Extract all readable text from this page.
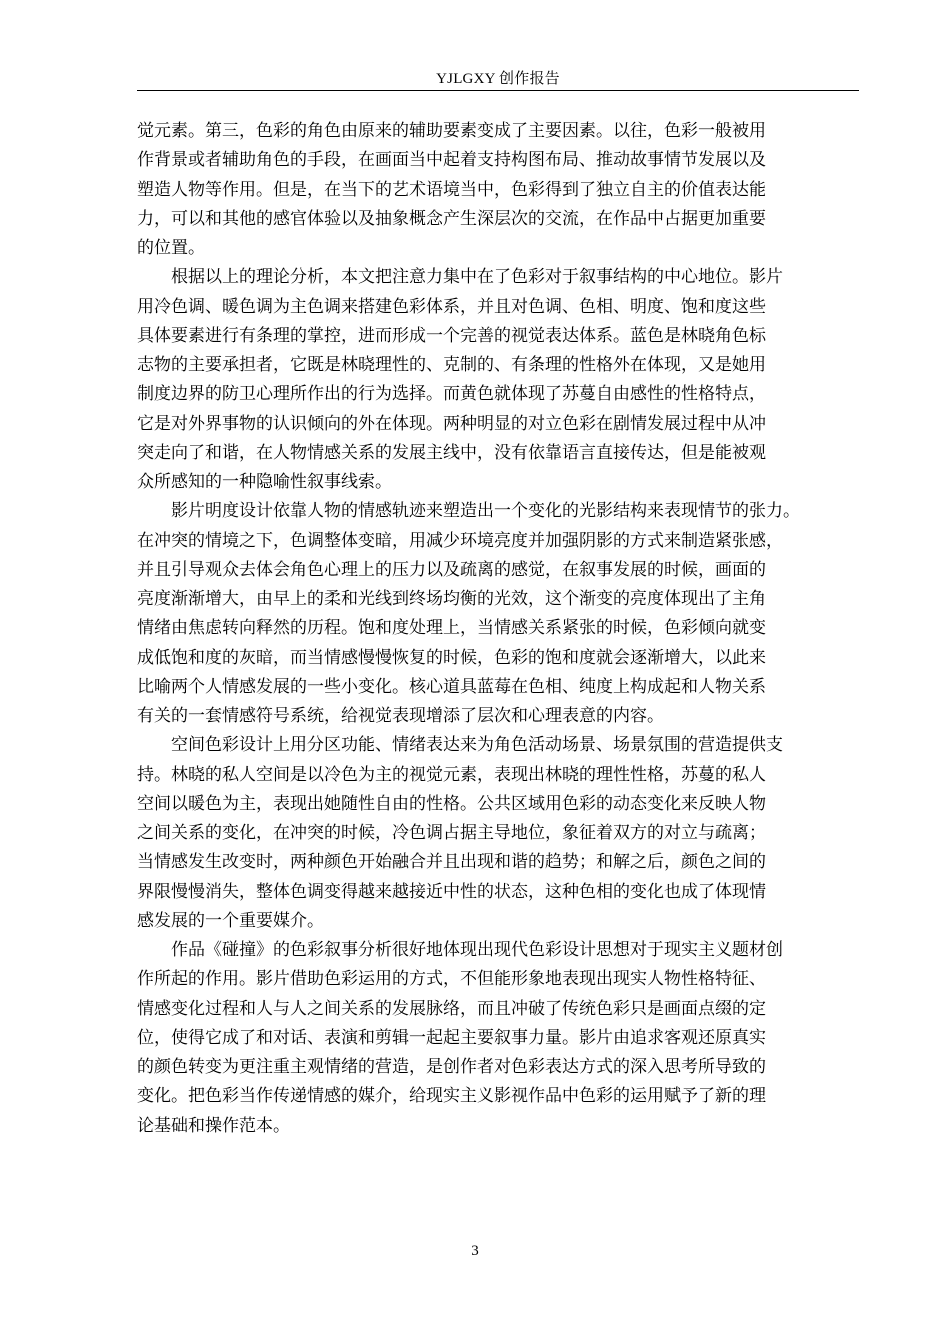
YJLGXY 创作报告
觉元素。第三，色彩的角色由原来的辅助要素变成了主要因素。以往，色彩一般被用
作背景或者辅助角色的手段，在画面当中起着支持构图布局、推动故事情节发展以及
塑造人物等作用。但是，在当下的艺术语境当中，色彩得到了独立自主的价值表达能
力，可以和其他的感官体验以及抽象概念产生深层次的交流，在作品中占据更加重要
的位置。
　　根据以上的理论分析，本文把注意力集中在了色彩对于叙事结构的中心地位。影片
用冷色调、暖色调为主色调来搭建色彩体系，并且对色调、色相、明度、饱和度这些
具体要素进行有条理的掌控，进而形成一个完善的视觉表达体系。蓝色是林晓角色标
志物的主要承担者，它既是林晓理性的、克制的、有条理的性格外在体现，又是她用
制度边界的防卫心理所作出的行为选择。而黄色就体现了苏蔓自由感性的性格特点，
它是对外界事物的认识倾向的外在体现。两种明显的对立色彩在剧情发展过程中从冲
突走向了和谐，在人物情感关系的发展主线中，没有依靠语言直接传达，但是能被观
众所感知的一种隐喻性叙事线索。
　　影片明度设计依靠人物的情感轨迹来塑造出一个变化的光影结构来表现情节的张力。
在冲突的情境之下，色调整体变暗，用减少环境亮度并加强阴影的方式来制造紧张感，
并且引导观众去体会角色心理上的压力以及疏离的感觉，在叙事发展的时候，画面的
亮度渐渐增大，由早上的柔和光线到终场均衡的光效，这个渐变的亮度体现出了主角
情绪由焦虑转向释然的历程。饱和度处理上，当情感关系紧张的时候，色彩倾向就变
成低饱和度的灰暗，而当情感慢慢恢复的时候，色彩的饱和度就会逐渐增大，以此来
比喻两个人情感发展的一些小变化。核心道具蓝莓在色相、纯度上构成起和人物关系
有关的一套情感符号系统，给视觉表现增添了层次和心理表意的内容。
　　空间色彩设计上用分区功能、情绪表达来为角色活动场景、场景氛围的营造提供支
持。林晓的私人空间是以冷色为主的视觉元素，表现出林晓的理性性格，苏蔓的私人
空间以暖色为主，表现出她随性自由的性格。公共区域用色彩的动态变化来反映人物
之间关系的变化，在冲突的时候，冷色调占据主导地位，象征着双方的对立与疏离；
当情感发生改变时，两种颜色开始融合并且出现和谐的趋势；和解之后，颜色之间的
界限慢慢消失，整体色调变得越来越接近中性的状态，这种色相的变化也成了体现情
感发展的一个重要媒介。
　　作品《碰撞》的色彩叙事分析很好地体现出现代色彩设计思想对于现实主义题材创
作所起的作用。影片借助色彩运用的方式，不但能形象地表现出现实人物性格特征、
情感变化过程和人与人之间关系的发展脉络，而且冲破了传统色彩只是画面点缀的定
位，使得它成了和对话、表演和剪辑一起起主要叙事力量。影片由追求客观还原真实
的颜色转变为更注重主观情绪的营造，是创作者对色彩表达方式的深入思考所导致的
变化。把色彩当作传递情感的媒介，给现实主义影视作品中色彩的运用赋予了新的理
论基础和操作范本。
3
